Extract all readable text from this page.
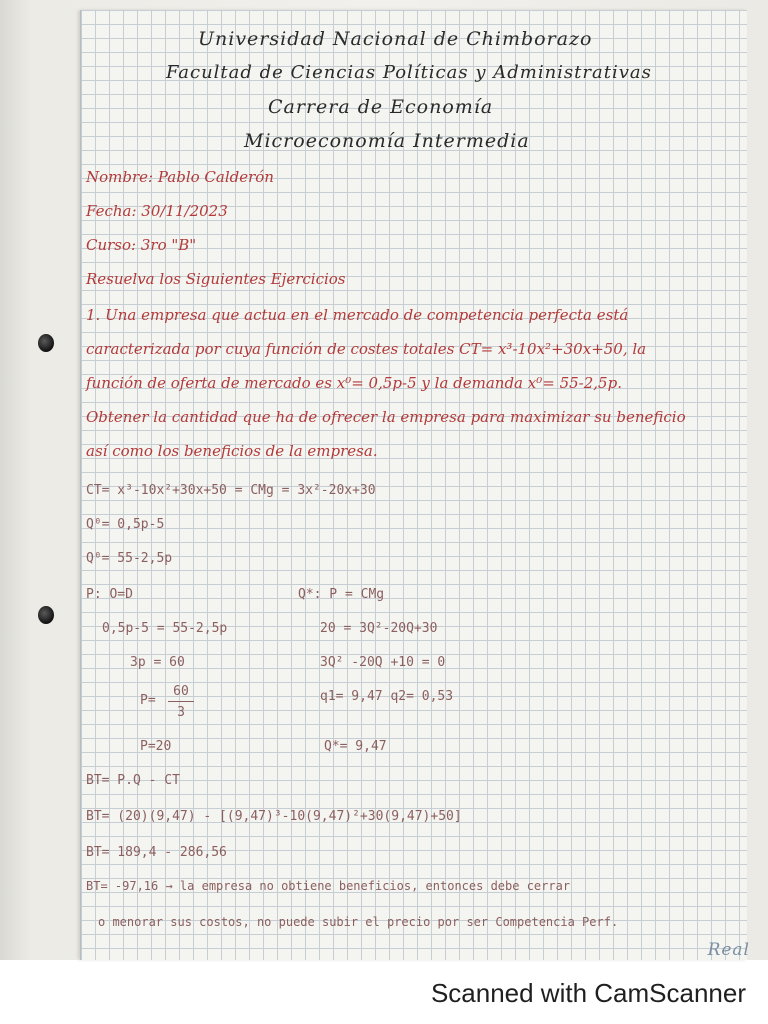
Universidad Nacional de Chimborazo
Facultad de Ciencias Políticas y Administrativas
Carrera de Economía
Microeconomía Intermedia
Nombre: Pablo Calderón
Fecha: 30/11/2023
Curso: 3ro "B"
Resuelva los Siguientes Ejercicios
1. Una empresa que actua en el mercado de competencia perfecta está
caracterizada por cuya función de costes totales CT= x³-10x²+30x+50, la
función de oferta de mercado es x⁰= 0,5p-5 y la demanda x⁰= 55-2,5p.
Obtener la cantidad que ha de ofrecer la empresa para maximizar su beneficio
así como los beneficios de la empresa.
CT= x³-10x²+30x+50 = CMg = 3x²-20x+30
Q⁰= 0,5p-5
Q⁰= 55-2,5p
P: O=D
0,5p-5 = 55-2,5p
3p = 60
$P= \frac{60}{3}$
P=20
Q*: P = CMg
20 = 3Q²-20Q+30
3Q² -20Q +10 = 0
q1= 9,47 q2= 0,53
Q*= 9,47
BT= P.Q - CT
BT= (20)(9,47) - [(9,47)³-10(9,47)²+30(9,47)+50]
BT= 189,4 - 286,56
BT= -97,16 → la empresa no obtiene beneficios, entonces debe cerrar
o menorar sus costos, no puede subir el precio por ser Competencia Perf.
Real
Scanned with CamScanner
